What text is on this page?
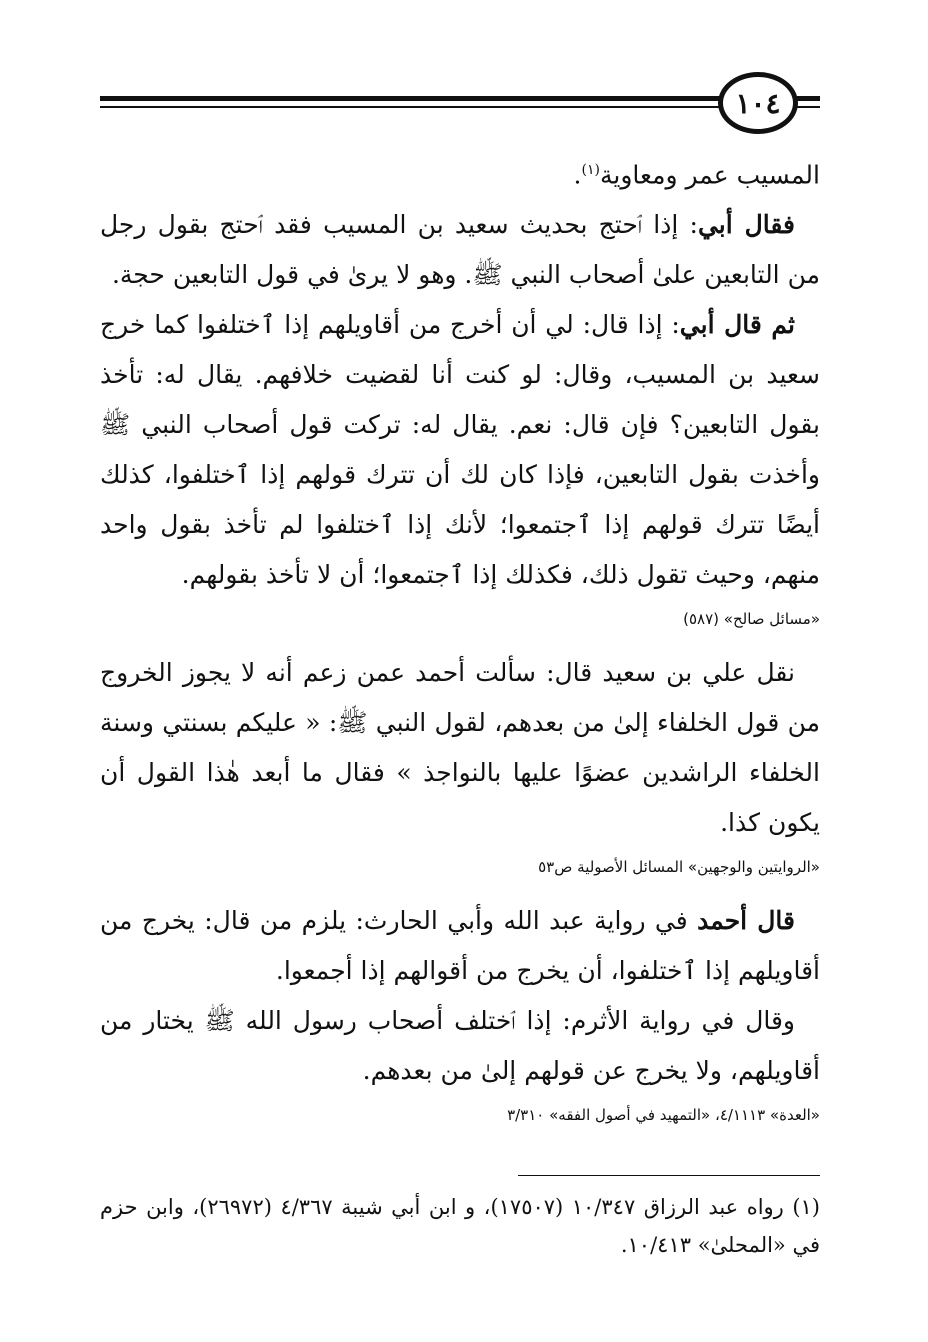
١٠٤

المسيب عمر ومعاوية$^{(١)}$.

فقال أبي: إذا ٱحتج بحديث سعيد بن المسيب فقد ٱحتج بقول رجل من التابعين علىٰ أصحاب النبي ﷺ. وهو لا يرىٰ في قول التابعين حجة.

ثم قال أبي: إذا قال: لي أن أخرج من أقاويلهم إذا ٱختلفوا كما خرج سعيد بن المسيب، وقال: لو كنت أنا لقضيت خلافهم. يقال له: تأخذ بقول التابعين؟ فإن قال: نعم. يقال له: تركت قول أصحاب النبي ﷺ وأخذت بقول التابعين، فإذا كان لك أن تترك قولهم إذا ٱختلفوا، كذلك أيضًا تترك قولهم إذا ٱجتمعوا؛ لأنك إذا ٱختلفوا لم تأخذ بقول واحد منهم، وحيث تقول ذلك، فكذلك إذا ٱجتمعوا؛ أن لا تأخذ بقولهم.

«مسائل صالح» (٥٨٧)

نقل علي بن سعيد قال: سألت أحمد عمن زعم أنه لا يجوز الخروج من قول الخلفاء إلىٰ من بعدهم، لقول النبي ﷺ: « عليكم بسنتي وسنة الخلفاء الراشدين عضوًا عليها بالنواجذ » فقال ما أبعد هٰذا القول أن يكون كذا.

«الروايتين والوجهين» المسائل الأصولية ص٥٣

قال أحمد في رواية عبد الله وأبي الحارث: يلزم من قال: يخرج من أقاويلهم إذا ٱختلفوا، أن يخرج من أقوالهم إذا أجمعوا.

وقال في رواية الأثرم: إذا ٱختلف أصحاب رسول الله ﷺ يختار من أقاويلهم، ولا يخرج عن قولهم إلىٰ من بعدهم.

«العدة» ٤/١١١٣، «التمهيد في أصول الفقه» ٣/٣١٠
(١) رواه عبد الرزاق ١٠/٣٤٧ (١٧٥٠٧)، و ابن أبي شيبة ٤/٣٦٧ (٢٦٩٧٢)، وابن حزم في «المحلىٰ» ١٠/٤١٣.
